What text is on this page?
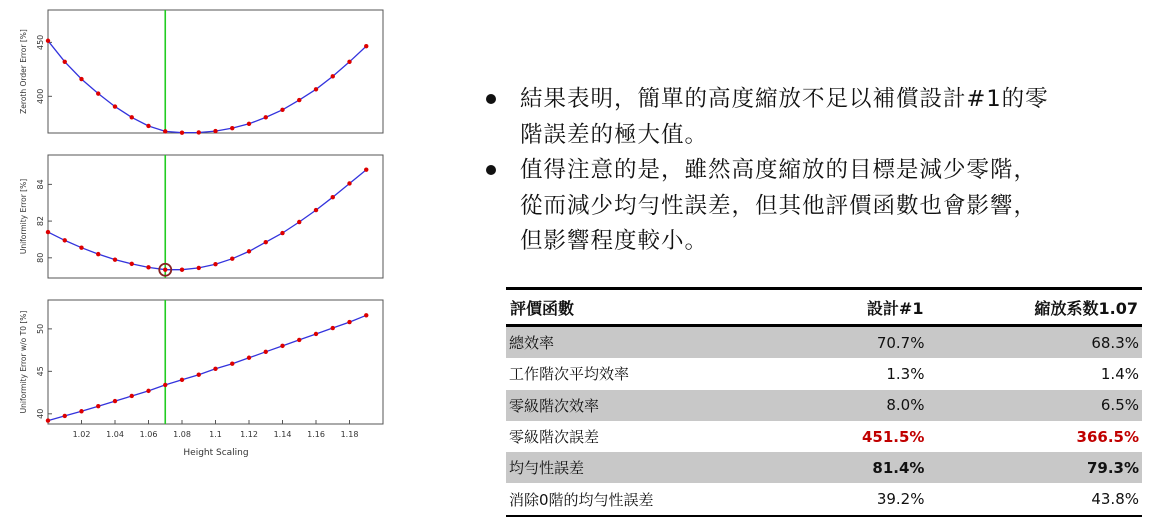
400
450
Zeroth Order Error [%]
80
82
84
Uniformity Error [%]
40
45
50
Uniformity Error w/o T0 [%]
1.02 1.04 1.06 1.08 1.1 1.12 1.14 1.16 1.18
Height Scaling
結果表明，簡單的高度縮放不足以補償設計#1的零
階誤差的極大值。
值得注意的是，雖然高度縮放的目標是減少零階，
從而減少均勻性誤差，但其他評價函數也會影響，
但影響程度較小。
評價函數	設計#1	縮放系数1.07
總效率	70.7%	68.3%
工作階次平均效率	1.3%	1.4%
零級階次效率	8.0%	6.5%
零級階次誤差	451.5%	366.5%
均勻性誤差	81.4%	79.3%
消除0階的均勻性誤差	39.2%	43.8%
